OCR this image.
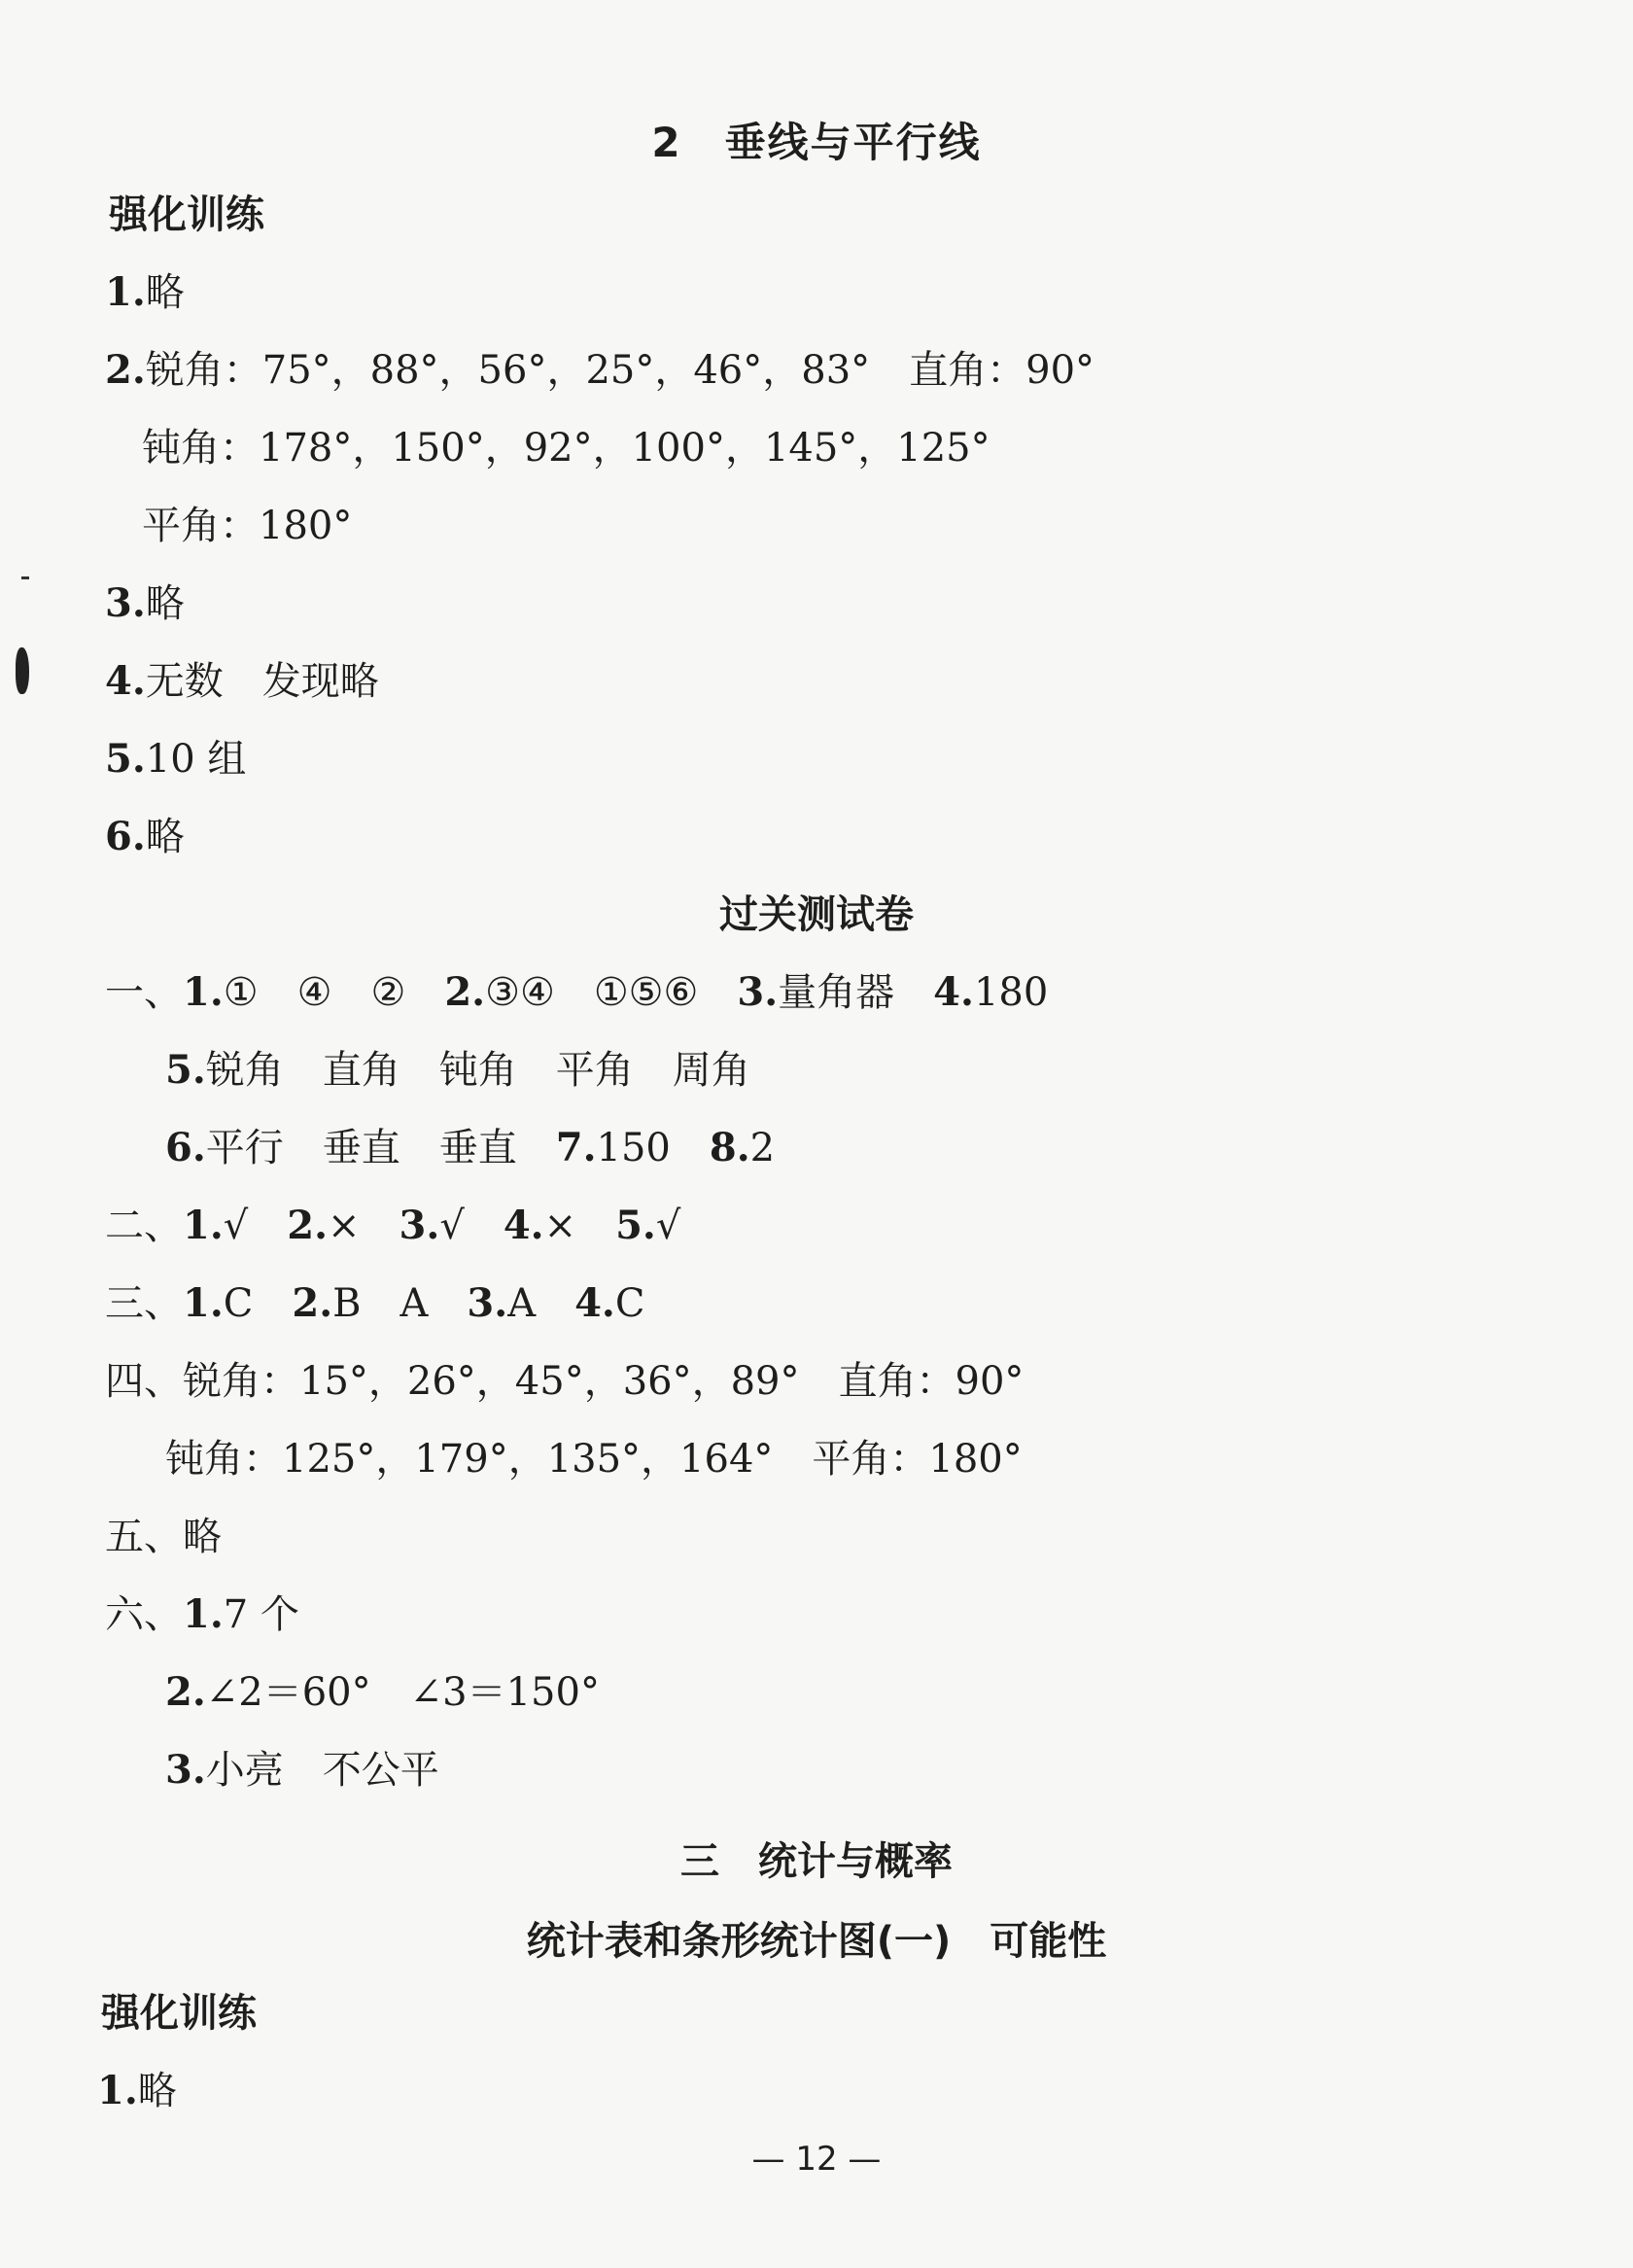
2　垂线与平行线
强化训练
1.略
2.锐角：75°，88°，56°，25°，46°，83°　直角：90°
钝角：178°，150°，92°，100°，145°，125°
平角：180°
3.略
4.无数　发现略
5.10 组
6.略
过关测试卷
一、1.①　④　②　2.③④　①⑤⑥　3.量角器　4.180
5.锐角　直角　钝角　平角　周角
6.平行　垂直　垂直　7.150　8.2
二、1.√　2.×　3.√　4.×　5.√
三、1.C　2.B　A　3.A　4.C
四、锐角：15°，26°，45°，36°，89°　直角：90°
钝角：125°，179°，135°，164°　平角：180°
五、略
六、1.7 个
2.∠2＝60°　∠3＝150°
3.小亮　不公平
三　统计与概率
统计表和条形统计图(一)　可能性
强化训练
1.略
— 12 —
